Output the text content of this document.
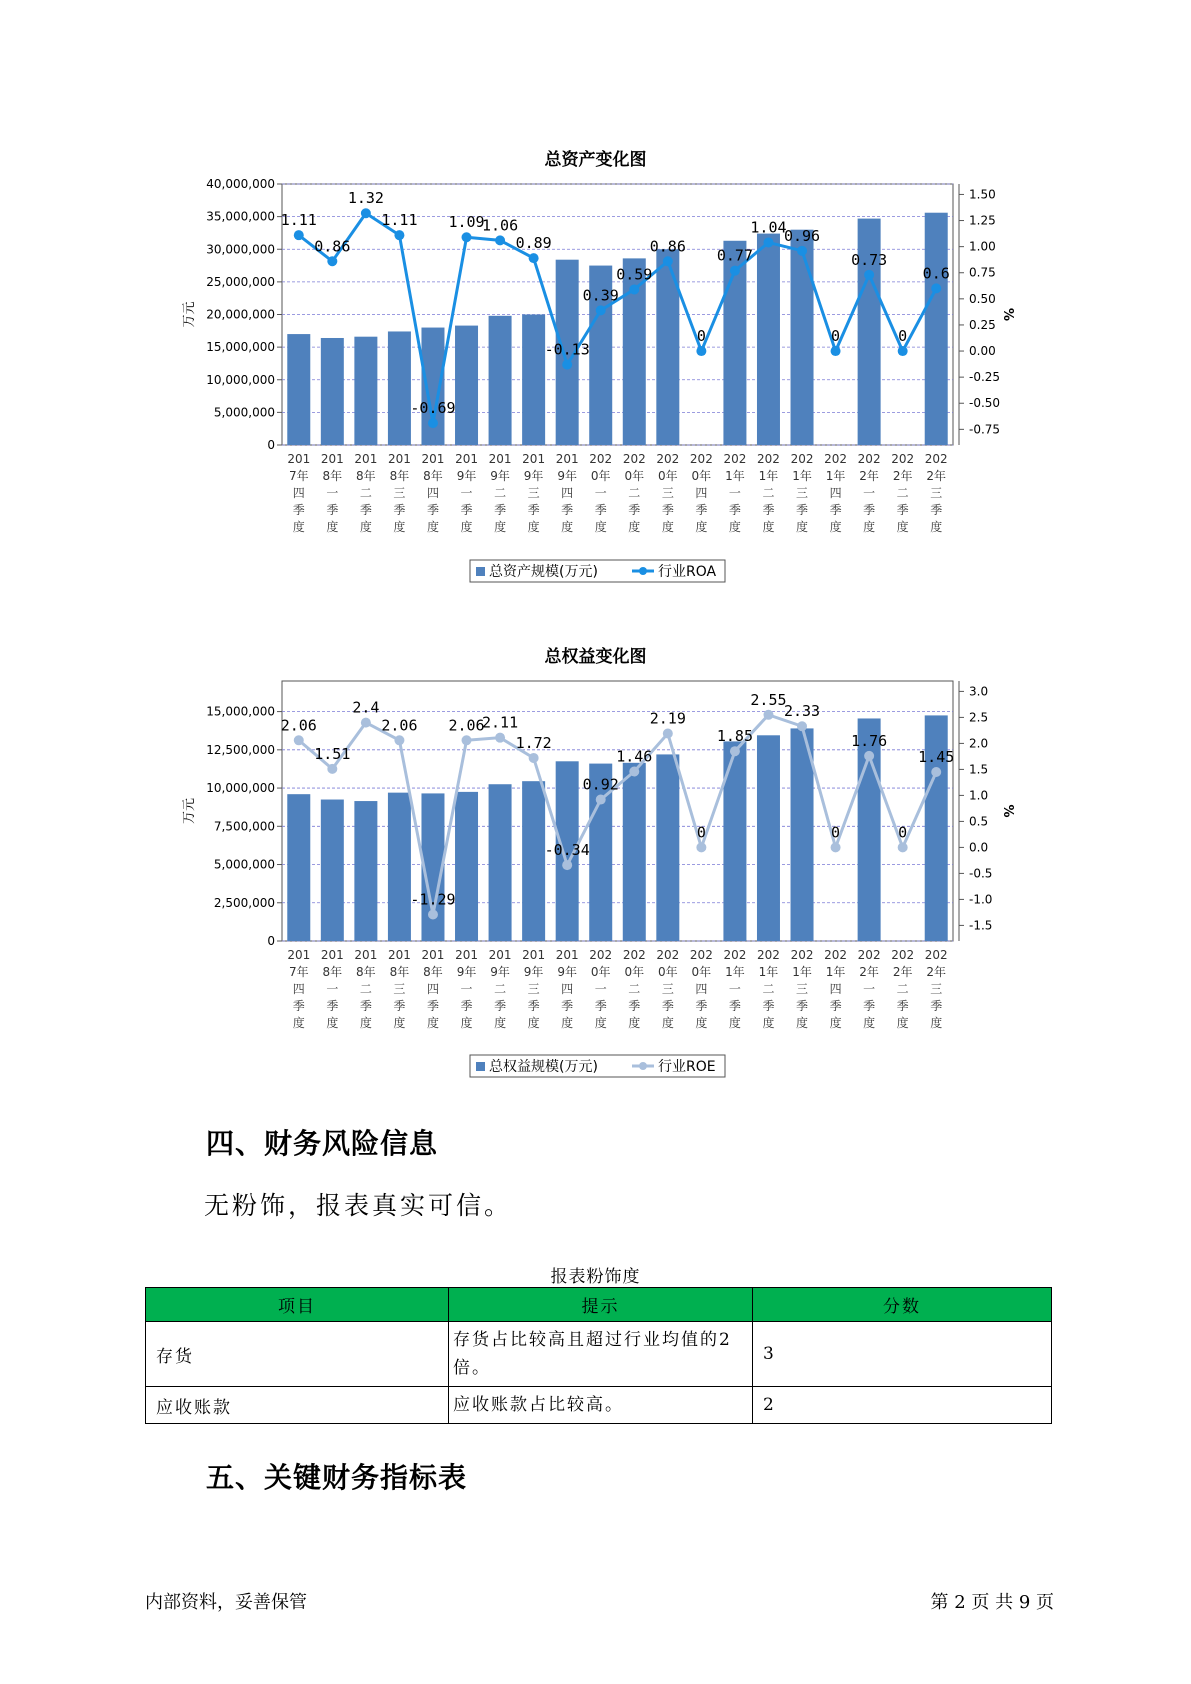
总资产变化图
0
5,000,000
10,000,000
15,000,000
20,000,000
25,000,000
30,000,000
35,000,000
40,000,000
-0.75
-0.50
-0.25
0.00
0.25
0.50
0.75
1.00
1.25
1.50
万元	%
1.11
0.86
1.32
1.11
-0.69
1.09
1.06
0.89
-0.13
0.39
0.59
0.86
0
0.77
1.04
0.96
0
0.73
0
0.6
201
7年
四
季
度
201
8年
一
季
度
201
8年
二
季
度
201
8年
三
季
度
201
8年
四
季
度
201
9年
一
季
度
201
9年
二
季
度
201
9年
三
季
度
201
9年
四
季
度
202
0年
一
季
度
202
0年
二
季
度
202
0年
三
季
度
202
0年
四
季
度
202
1年
一
季
度
202
1年
二
季
度
202
1年
三
季
度
202
1年
四
季
度
202
2年
一
季
度
202
2年
二
季
度
202
2年
三
季
度
总资产规模(万元)	行业ROA
总权益变化图
0
2,500,000
5,000,000
7,500,000
10,000,000
12,500,000
15,000,000
-1.5
-1.0
-0.5
0.0
0.5
1.0
1.5
2.0
2.5
3.0
万元	%
2.06
1.51
2.4
2.06
-1.29
2.06
2.11
1.72
-0.34
0.92
1.46
2.19
0
1.85
2.55
2.33
0
1.76
0
1.45
201
7年
四
季
度
201
8年
一
季
度
201
8年
二
季
度
201
8年
三
季
度
201
8年
四
季
度
201
9年
一
季
度
201
9年
二
季
度
201
9年
三
季
度
201
9年
四
季
度
202
0年
一
季
度
202
0年
二
季
度
202
0年
三
季
度
202
0年
四
季
度
202
1年
一
季
度
202
1年
二
季
度
202
1年
三
季
度
202
1年
四
季
度
202
2年
一
季
度
202
2年
二
季
度
202
2年
三
季
度
总权益规模(万元)	行业ROE
四、财务风险信息
无粉饰，报表真实可信。
报表粉饰度
项目	提示	分数
存货	存货占比较高且超过行业均值的2倍。	3
应收账款	应收账款占比较高。	2
五、关键财务指标表
内部资料，妥善保管	第 2 页 共 9 页
